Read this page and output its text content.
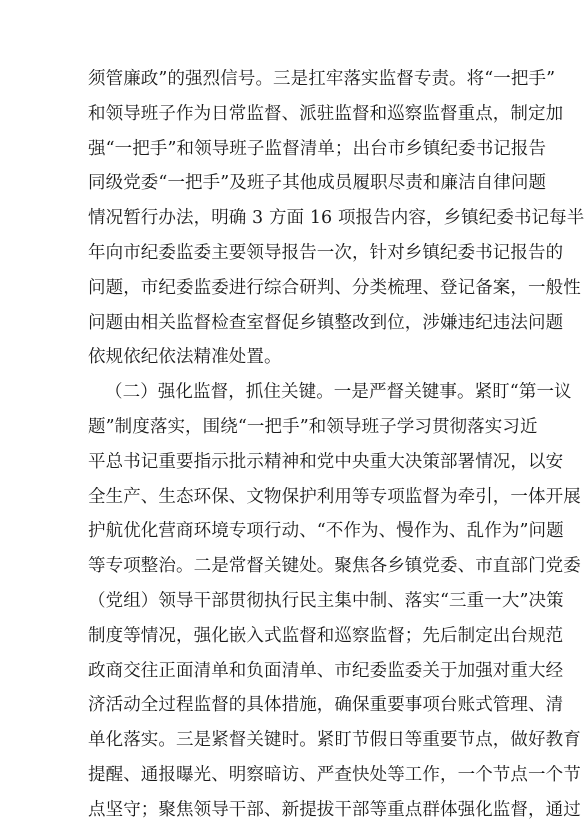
须管廉政”的强烈信号。三是扛牢落实监督专责。将“一把手”
和领导班子作为日常监督、派驻监督和巡察监督重点，制定加
强“一把手”和领导班子监督清单；出台市乡镇纪委书记报告
同级党委“一把手”及班子其他成员履职尽责和廉洁自律问题
情况暂行办法，明确 3 方面 16 项报告内容，乡镇纪委书记每半
年向市纪委监委主要领导报告一次，针对乡镇纪委书记报告的
问题，市纪委监委进行综合研判、分类梳理、登记备案，一般性
问题由相关监督检查室督促乡镇整改到位，涉嫌违纪违法问题
依规依纪依法精准处置。
（二）强化监督，抓住关键。一是严督关键事。紧盯“第一议
题”制度落实，围绕“一把手”和领导班子学习贯彻落实习近
平总书记重要指示批示精神和党中央重大决策部署情况，以安
全生产、生态环保、文物保护利用等专项监督为牵引，一体开展
护航优化营商环境专项行动、“不作为、慢作为、乱作为”问题
等专项整治。二是常督关键处。聚焦各乡镇党委、市直部门党委
（党组）领导干部贯彻执行民主集中制、落实“三重一大”决策
制度等情况，强化嵌入式监督和巡察监督；先后制定出台规范
政商交往正面清单和负面清单、市纪委监委关于加强对重大经
济活动全过程监督的具体措施，确保重要事项台账式管理、清
单化落实。三是紧督关键时。紧盯节假日等重要节点，做好教育
提醒、通报曝光、明察暗访、严查快处等工作，一个节点一个节
点坚守；聚焦领导干部、新提拔干部等重点群体强化监督，通过
